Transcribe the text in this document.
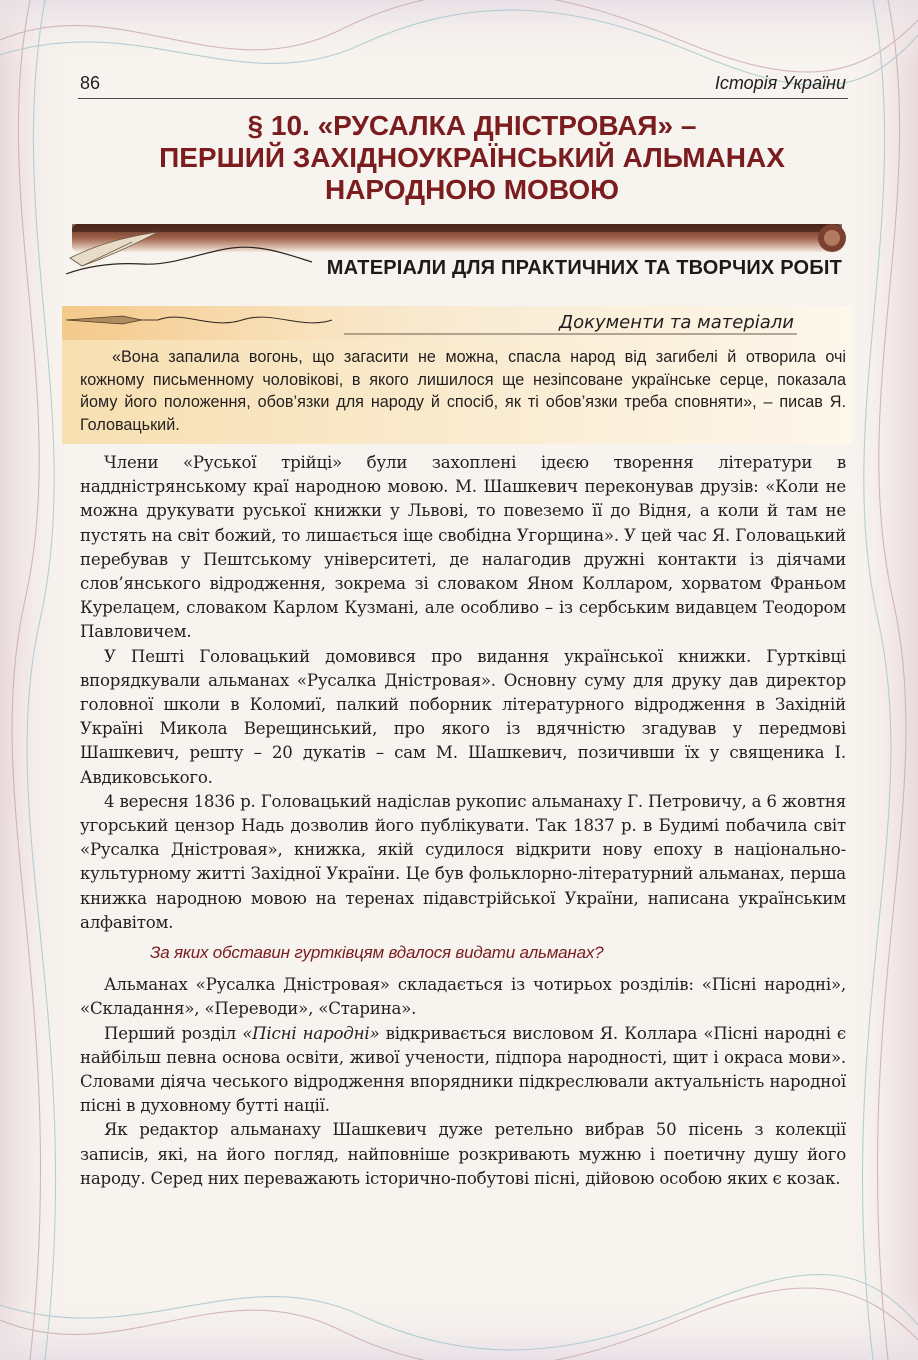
86	Історія України
§ 10. «РУСАЛКА ДНІСТРОВАЯ» –
ПЕРШИЙ ЗАХІДНОУКРАЇНСЬКИЙ АЛЬМАНАХ
НАРОДНОЮ МОВОЮ
МАТЕРІАЛИ ДЛЯ ПРАКТИЧНИХ ТА ТВОРЧИХ РОБІТ
Документи та матеріали

«Вона запалила вогонь, що загасити не можна, спасла народ від загибелі й отворила очі кожному письменному чоловікові, в якого лишилося ще незіпсоване українське серце, показала йому його положення, обов’язки для народу й спосіб, як ті обов’язки треба сповняти», – писав Я. Головацький.

Члени «Руської трійці» були захоплені ідеєю творення літератури в наддністрянському краї народною мовою. М. Шашкевич переконував друзів: «Коли не можна друкувати руської книжки у Львові, то повеземо її до Відня, а коли й там не пустять на світ божий, то лишається іще свобідна Угорщина». У цей час Я. Головацький перебував у Пештському університеті, де налагодив дружні контакти із діячами слов’янського відродження, зокрема зі словаком Яном Колларом, хорватом Франьом Курелацем, словаком Карлом Кузмані, але особливо – із сербським видавцем Теодором Павловичем.

У Пешті Головацький домовився про видання української книжки. Гуртківці впорядкували альманах «Русалка Дністровая». Основну суму для друку дав директор головної школи в Коломиї, палкий поборник літературного відродження в Західній Україні Микола Верещинський, про якого із вдячністю згадував у передмові Шашкевич, решту – 20 дукатів – сам М. Шашкевич, позичивши їх у священика І. Авдиковського.

4 вересня 1836 р. Головацький надіслав рукопис альманаху Г. Петровичу, а 6 жовтня угорський цензор Надь дозволив його публікувати. Так 1837 р. в Будимі побачила світ «Русалка Дністровая», книжка, якій судилося відкрити нову епоху в національно-культурному житті Західної України. Це був фольклорно-літературний альманах, перша книжка народною мовою на теренах підавстрійської України, написана українським алфавітом.

За яких обставин гуртківцям вдалося видати альманах?

Альманах «Русалка Дністровая» складається із чотирьох розділів: «Пісні народні», «Складання», «Переводи», «Старина».

Перший розділ «Пісні народні» відкривається висловом Я. Коллара «Пісні народні є найбільш певна основа освіти, живої учености, підпора народності, щит і окраса мови». Словами діяча чеського відродження впорядники підкреслювали актуальність народної пісні в духовному бутті нації.

Як редактор альманаху Шашкевич дуже ретельно вибрав 50 пісень з колекції записів, які, на його погляд, найповніше розкривають мужню і поетичну душу його народу. Серед них переважають історично-побутові пісні, дійовою особою яких є козак.
